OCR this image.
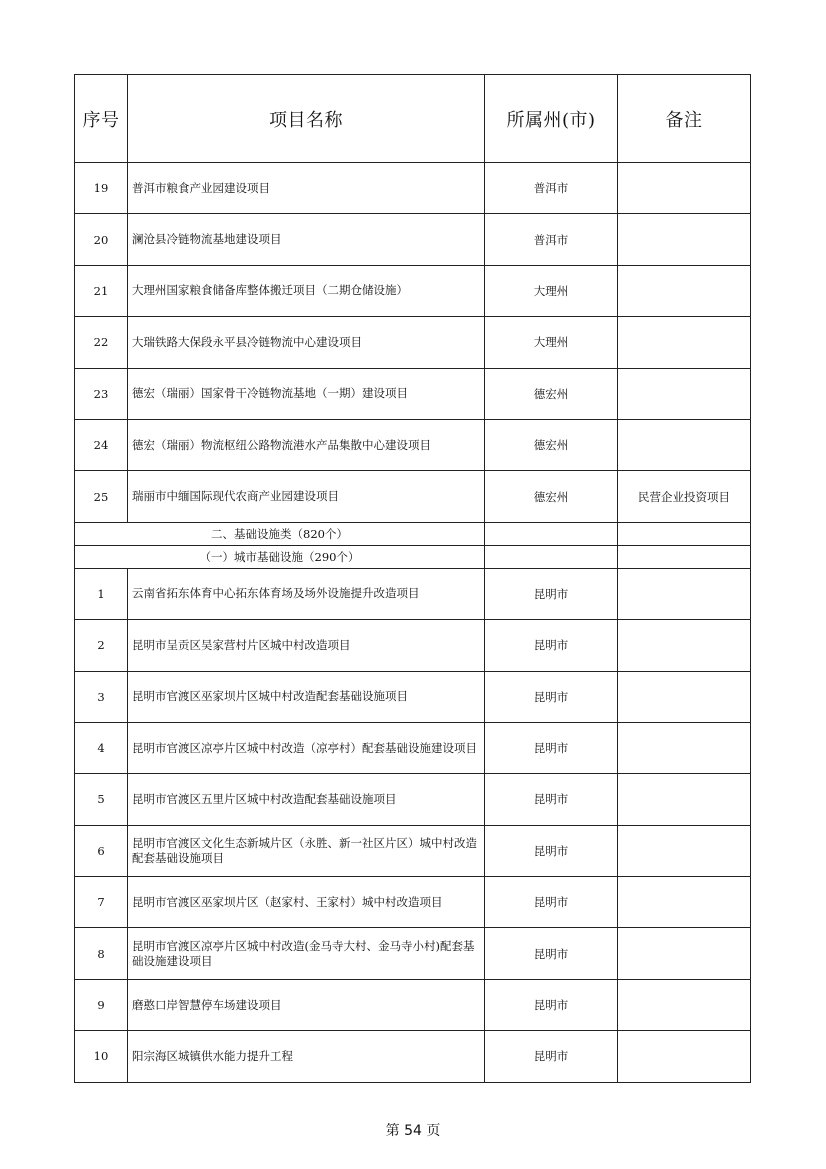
序号	项目名称	所属州(市)	备注
19	普洱市粮食产业园建设项目	普洱市	
20	澜沧县冷链物流基地建设项目	普洱市	
21	大理州国家粮食储备库整体搬迁项目（二期仓储设施）	大理州	
22	大瑞铁路大保段永平县冷链物流中心建设项目	大理州	
23	德宏（瑞丽）国家骨干冷链物流基地（一期）建设项目	德宏州	
24	德宏（瑞丽）物流枢纽公路物流港水产品集散中心建设项目	德宏州	
25	瑞丽市中缅国际现代农商产业园建设项目	德宏州	民营企业投资项目
二、基础设施类（820个）			
（一）城市基础设施（290个）			
1	云南省拓东体育中心拓东体育场及场外设施提升改造项目	昆明市	
2	昆明市呈贡区吴家营村片区城中村改造项目	昆明市	
3	昆明市官渡区巫家坝片区城中村改造配套基础设施项目	昆明市	
4	昆明市官渡区凉亭片区城中村改造（凉亭村）配套基础设施建设项目	昆明市	
5	昆明市官渡区五里片区城中村改造配套基础设施项目	昆明市	
6	昆明市官渡区文化生态新城片区（永胜、新一社区片区）城中村改造配套基础设施项目	昆明市	
7	昆明市官渡区巫家坝片区（赵家村、王家村）城中村改造项目	昆明市	
8	昆明市官渡区凉亭片区城中村改造(金马寺大村、金马寺小村)配套基础设施建设项目	昆明市	
9	磨憨口岸智慧停车场建设项目	昆明市	
10	阳宗海区城镇供水能力提升工程	昆明市	
第 54 页
